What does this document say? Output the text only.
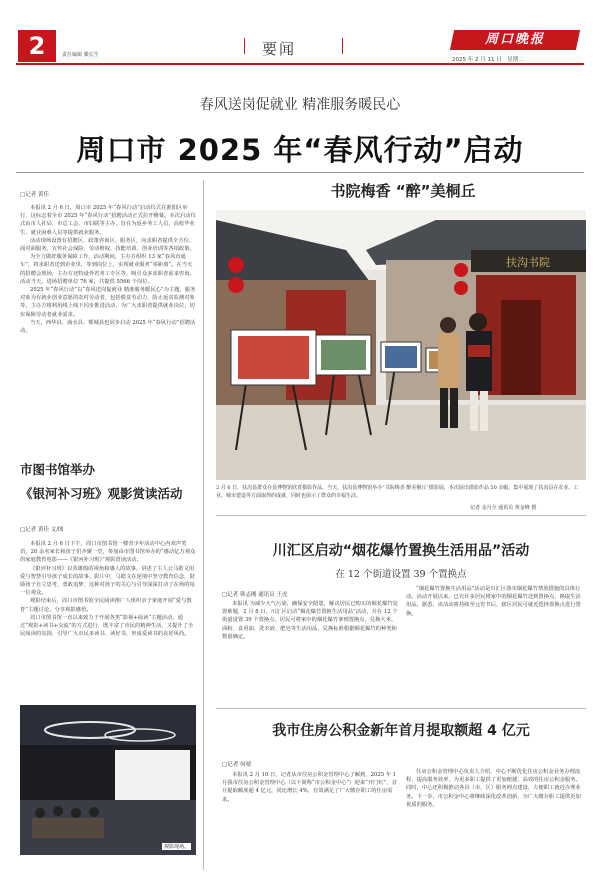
2	责任编辑 滕长生	要闻
周口晚报
2025 年 2 月 11 日　星期二
春风送岗促就业 精准服务暖民心
周口市 2025 年“春风行动”启动
□记者 黄佳

本报讯 2 月 6 日，周口市 2025 年“春风行动”启动仪式在淮阳区举行，这标志着全市 2025 年“春风行动”招聘活动正式拉开帷幕。本次启动仪式由市人社局、市总工会、市妇联等主办，旨在为返乡务工人员、高校毕业生、就业困难人员等提供就业服务。

活动现场设置有招聘区、政策咨询区、服务区，向求职者提供全方位、面对面服务，宣传社会保险、劳动维权、技能培训、创业培训等各项政策。

为全力做好服务保障工作，活动期间，主办方组织 13 家“春风直通车”，将求职者送到企业里，等到岗位上，实现就业服务“零距离”。在当天的招聘会现场，主办方还特设外省务工专区等，吸引众多求职者前来咨询。活动当天，进场招聘单位 76 家，共提供 5566 个岗位。

2025 年“春风行动”以“春风送岗促就业 精准服务暖民心”为主题，服务对象为有就业创业意愿的农村劳动者，包括脱贫劳动力、防止返贫监测对象等。主办方将利用线上线下同步推进活动，为广大求职者提供就业岗位，切实保障劳动者就业需求。

当天，西华县、商水县、郸城县也同步启动 2025 年“春风行动”招聘活动。

书院梅香 “醉”美桐丘
扶沟书院
2 月 6 日，扶沟县群众在县博物馆欣赏摄影作品。当天，扶沟县博物馆举办“书院梅香 醉美桐丘”摄影展，本次展出摄影作品 50 余幅，集中展现了扶沟县在农业、工业、城市建设等方面取得的成就，同时也展示了群众的幸福生活。
记者 金月全 通讯员 黄金峰 摄
市图书馆举办
《银河补习班》观影赏读活动
□记者 黄佳 文/图

本报讯 2 月 6 日下午，周口市图书馆一楼青少年活动中心内欢声笑语，20 余名家长和孩子们齐聚一堂，参加由市图书馆举办的“感动亿万观众的家庭教育电影——《银河补习班》”观影赏读活动。

《银河补习班》以英雄般的视角和感人的故事，讲述了主人公马皓文用爱与智慧引导孩子成长的故事。影片中，马皓文在逆境中坚守教育信念，鼓励孩子自立思考，勇敢追梦，这种对孩子的关心与引导深深打动了在场的每一位观众。

观影结束后，周口市图书馆全民阅读推广人组织亲子家庭开展“爱与教育”主题讨论，分享观影感悟。

周口市图书馆一直以来致力于开展各类“影视+阅读”主题活动，通过“观影+读书+交流”的方式进行，既丰富了市民的精神生活，又提升了全民阅读的氛围，引导广大市民多读书、读好书，形成爱读书的良好风尚。

观影现场。
川汇区启动“烟花爆竹置换生活用品”活动
在 12 个街道设置 39 个置换点
□记者 韩志刚 通讯员 王虎
本报讯 为减少大气污染，确保安全隐患，解决居民已购买的烟花爆竹处置难题，2 月 8 日，川汇区启动“烟花爆竹置换生活用品”活动，并在 12 个街道设置 39 个置换点。居民可将家中的烟花爆竹拿到置换点，兑换大米、面粉、食用油、洗衣液、肥皂等生活用品，兑换标准根据烟花爆竹的种类和数量确定。
“烟花爆竹置换生活用品”活动是川汇区落实烟花爆竹禁放措施的具体行动。活动开展以来，已有许多居民将家中的烟花爆竹送到置换点，换取生活用品。据悉，该活动将持续至元宵节后，辖区居民可就近选择置换点进行置换。
我市住房公积金新年首月提取额超 4 亿元
□记者 何晴
本报讯 2 月 10 日，记者从市住房公积金管理中心了解到，2025 年 1 月我市住房公积金管理中心（以下简称“市公积金中心”）迎来“开门红”，首月提取额度超 4 亿元，同比增长 4%，有效满足了广大缴存职工的住房需求。
住房公积金管理中心负责人介绍，中心不断优化住房公积金业务办理流程，提高服务效率，为更多职工提供了更加便捷、高效的住房公积金服务。同时，中心还积极推动各县（市、区）服务网点建设，方便职工就近办理业务。下一步，市公积金中心将继续深化改革创新，为广大缴存职工提供更加优质的服务。
